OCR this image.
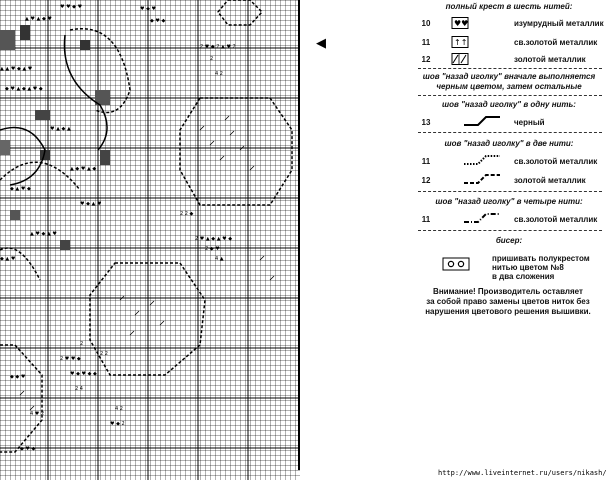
♥ ♥ ◆ ♥
▲ ♥ ▲ ◆ ♥
▲ ▲ ♥ ◆ ▲ ♥
◆ ♥ ▲ ◆ ▲ ♥ ◆
♥ ▲ ◆ ▲
▲ ◆ ♥ ▲ ◆
◆ ▲ ♥ ◆
♥ ◆ ▲ ♥
▲ ♥ ◆ ▲ ♥
◆ ▲ ♥
2 ♥ ◆ 2 ▲ ♥ 2
2
4 2
♥ ◆ ♥
◆ ♥ ◆
2 2 ◆
2 ♥ ▲ ◆ ▲ ♥ ◆
2 ◆ ♥
4 ▲
2 ♥ ♥ ◆
2
2 2
♥ ◆ ♥ ◆ ◆
2 4
◆ ◆ ♥
4 ♥ 2
4 2
♥ ◆ 2
◆ ♥ ◆
◀
полный крест в шесть нитей:
10	♥♥	изумрудный металлик
11	↑↑	св.золотой металлик
12	золотой металлик
шов "назад иголку" вначале выполняется
черным цветом, затем остальные
шов "назад иголку" в одну нить:
13	черный
шов "назад иголку" в две нити:
11	св.золотой металлик
12	золотой металлик
шов "назад иголку" в четыре нити:
11	св.золотой металлик
бисер:
пришивать полукрестом
нитью цветом №8
в два сложения
Внимание! Производитель оставляет
за собой право замены цветов ниток без
нарушения цветового решения вышивки.
http://www.liveinternet.ru/users/nikash/
